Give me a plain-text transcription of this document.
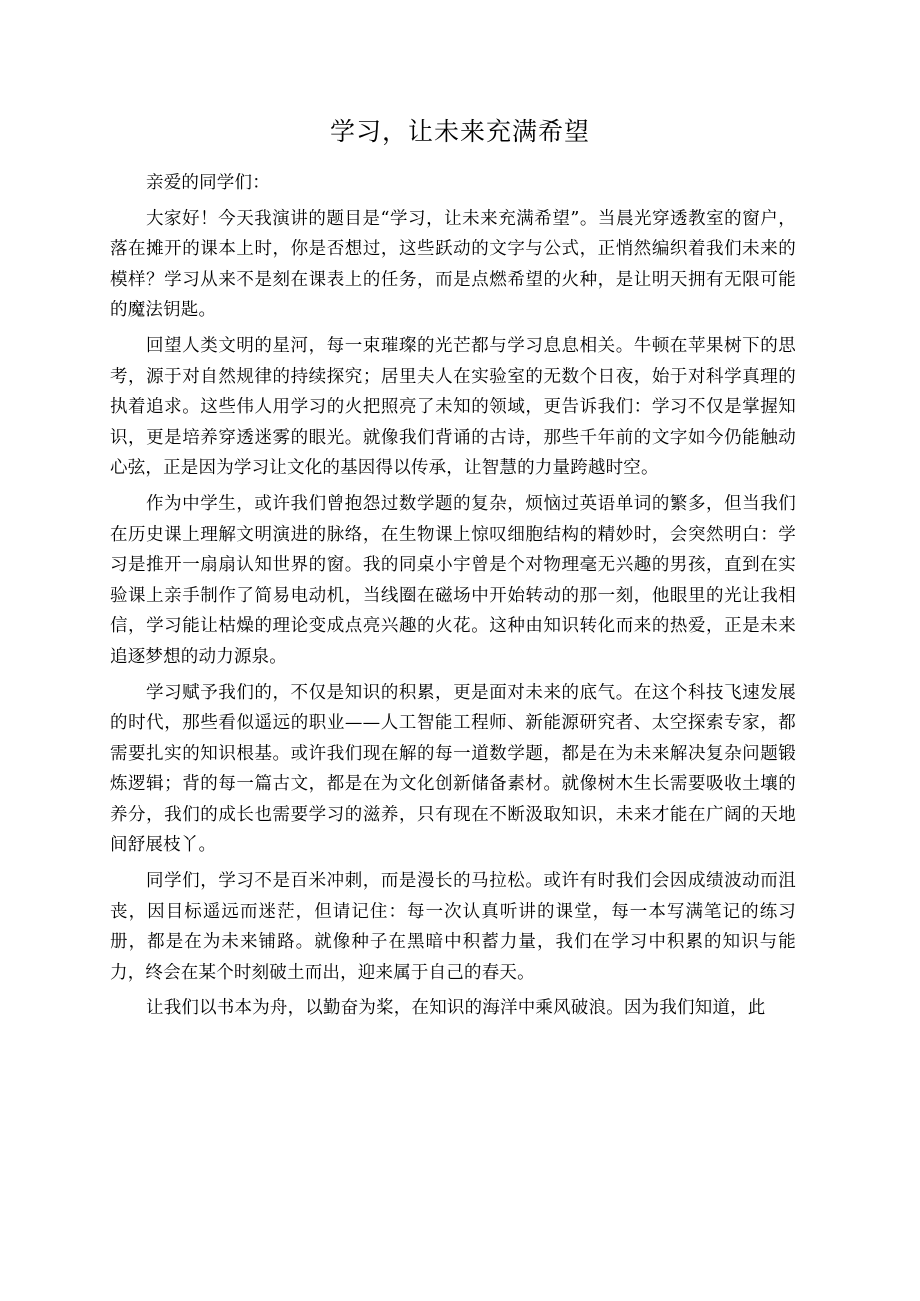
学习，让未来充满希望

亲爱的同学们：

大家好！今天我演讲的题目是“学习，让未来充满希望”。当晨光穿透教室的窗户，落在摊开的课本上时，你是否想过，这些跃动的文字与公式，正悄然编织着我们未来的模样？学习从来不是刻在课表上的任务，而是点燃希望的火种，是让明天拥有无限可能的魔法钥匙。

回望人类文明的星河，每一束璀璨的光芒都与学习息息相关。牛顿在苹果树下的思考，源于对自然规律的持续探究；居里夫人在实验室的无数个日夜，始于对科学真理的执着追求。这些伟人用学习的火把照亮了未知的领域，更告诉我们：学习不仅是掌握知识，更是培养穿透迷雾的眼光。就像我们背诵的古诗，那些千年前的文字如今仍能触动心弦，正是因为学习让文化的基因得以传承，让智慧的力量跨越时空。

作为中学生，或许我们曾抱怨过数学题的复杂，烦恼过英语单词的繁多，但当我们在历史课上理解文明演进的脉络，在生物课上惊叹细胞结构的精妙时，会突然明白：学习是推开一扇扇认知世界的窗。我的同桌小宇曾是个对物理毫无兴趣的男孩，直到在实验课上亲手制作了简易电动机，当线圈在磁场中开始转动的那一刻，他眼里的光让我相信，学习能让枯燥的理论变成点亮兴趣的火花。这种由知识转化而来的热爱，正是未来追逐梦想的动力源泉。

学习赋予我们的，不仅是知识的积累，更是面对未来的底气。在这个科技飞速发展的时代，那些看似遥远的职业——人工智能工程师、新能源研究者、太空探索专家，都需要扎实的知识根基。或许我们现在解的每一道数学题，都是在为未来解决复杂问题锻炼逻辑；背的每一篇古文，都是在为文化创新储备素材。就像树木生长需要吸收土壤的养分，我们的成长也需要学习的滋养，只有现在不断汲取知识，未来才能在广阔的天地间舒展枝丫。

同学们，学习不是百米冲刺，而是漫长的马拉松。或许有时我们会因成绩波动而沮丧，因目标遥远而迷茫，但请记住：每一次认真听讲的课堂，每一本写满笔记的练习册，都是在为未来铺路。就像种子在黑暗中积蓄力量，我们在学习中积累的知识与能力，终会在某个时刻破土而出，迎来属于自己的春天。

让我们以书本为舟，以勤奋为桨，在知识的海洋中乘风破浪。因为我们知道，此
